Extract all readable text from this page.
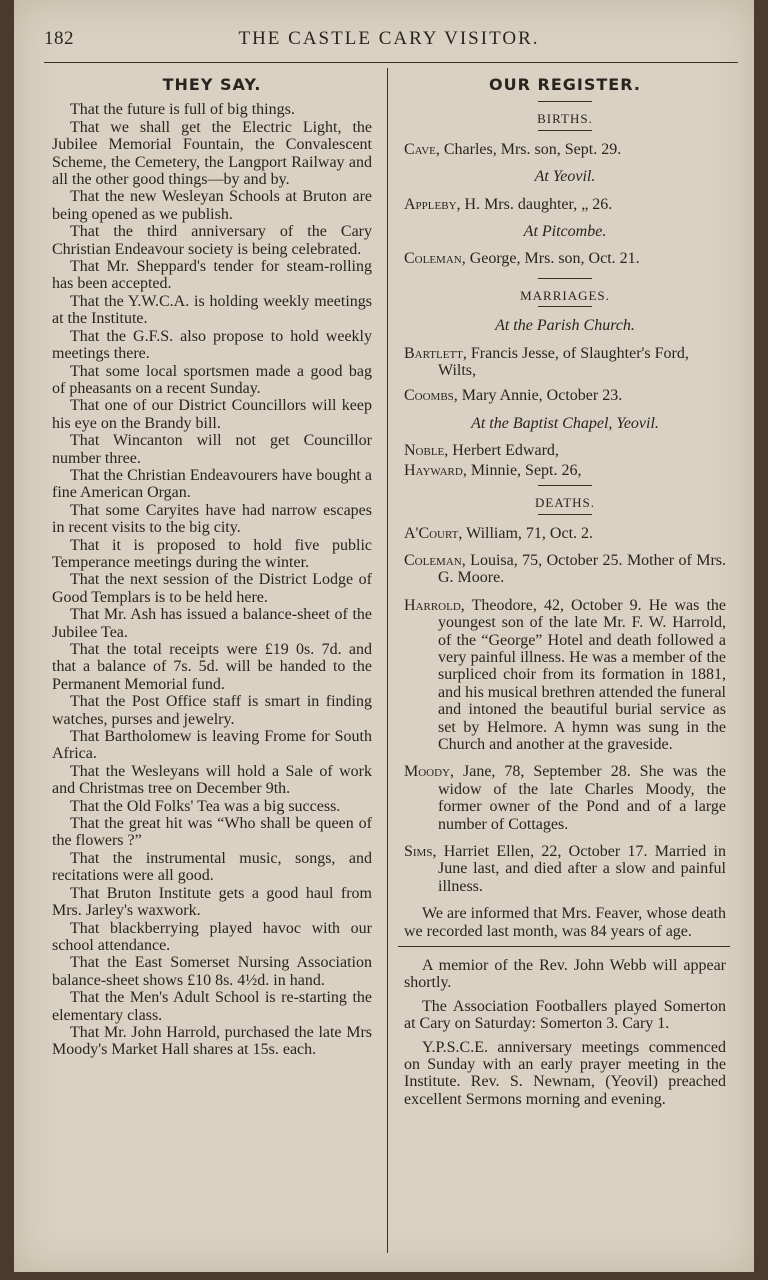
182	THE CASTLE CARY VISITOR.
THEY SAY.

That the future is full of big things.

That we shall get the Electric Light, the Jubilee Memorial Fountain, the Convalescent Scheme, the Cemetery, the Langport Railway and all the other good things—by and by.

That the new Wesleyan Schools at Bruton are being opened as we publish.

That the third anniversary of the Cary Christian Endeavour society is being celebrated.

That Mr. Sheppard's tender for steam-rolling has been accepted.

That the Y.W.C.A. is holding weekly meetings at the Institute.

That the G.F.S. also propose to hold weekly meetings there.

That some local sportsmen made a good bag of pheasants on a recent Sunday.

That one of our District Councillors will keep his eye on the Brandy bill.

That Wincanton will not get Councillor number three.

That the Christian Endeavourers have bought a fine American Organ.

That some Caryites have had narrow escapes in recent visits to the big city.

That it is proposed to hold five public Temperance meetings during the winter.

That the next session of the District Lodge of Good Templars is to be held here.

That Mr. Ash has issued a balance-sheet of the Jubilee Tea.

That the total receipts were £19 0s. 7d. and that a balance of 7s. 5d. will be handed to the Permanent Memorial fund.

That the Post Office staff is smart in finding watches, purses and jewelry.

That Bartholomew is leaving Frome for South Africa.

That the Wesleyans will hold a Sale of work and Christmas tree on December 9th.

That the Old Folks' Tea was a big success.

That the great hit was “Who shall be queen of the flowers ?”

That the instrumental music, songs, and recitations were all good.

That Bruton Institute gets a good haul from Mrs. Jarley's waxwork.

That blackberrying played havoc with our school attendance.

That the East Somerset Nursing Association balance-sheet shows £10 8s. 4½d. in hand.

That the Men's Adult School is re-starting the elementary class.

That Mr. John Harrold, purchased the late Mrs Moody's Market Hall shares at 15s. each.

OUR REGISTER.
BIRTHS.
Cave, Charles, Mrs. son, Sept. 29.
At Yeovil.
Appleby, H. Mrs. daughter, „ 26.
At Pitcombe.
Coleman, George, Mrs. son, Oct. 21.
MARRIAGES.
At the Parish Church.
Bartlett, Francis Jesse, of Slaughter's Ford, Wilts,
Coombs, Mary Annie, October 23.
At the Baptist Chapel, Yeovil.
Noble, Herbert Edward,
Hayward, Minnie, Sept. 26,
DEATHS.
A'Court, William, 71, Oct. 2.
Coleman, Louisa, 75, October 25. Mother of Mrs. G. Moore.
Harrold, Theodore, 42, October 9. He was the youngest son of the late Mr. F. W. Harrold, of the “George” Hotel and death followed a very painful illness. He was a member of the surpliced choir from its formation in 1881, and his musical brethren attended the funeral and intoned the beautiful burial service as set by Helmore. A hymn was sung in the Church and another at the graveside.
Moody, Jane, 78, September 28. She was the widow of the late Charles Moody, the former owner of the Pond and of a large number of Cottages.
Sims, Harriet Ellen, 22, October 17. Married in June last, and died after a slow and painful illness.

We are informed that Mrs. Feaver, whose death we recorded last month, was 84 years of age.

A memior of the Rev. John Webb will appear shortly.

The Association Footballers played Somerton at Cary on Saturday: Somerton 3. Cary 1.

Y.P.S.C.E. anniversary meetings commenced on Sunday with an early prayer meeting in the Institute. Rev. S. Newnam, (Yeovil) preached excellent Sermons morning and evening.
